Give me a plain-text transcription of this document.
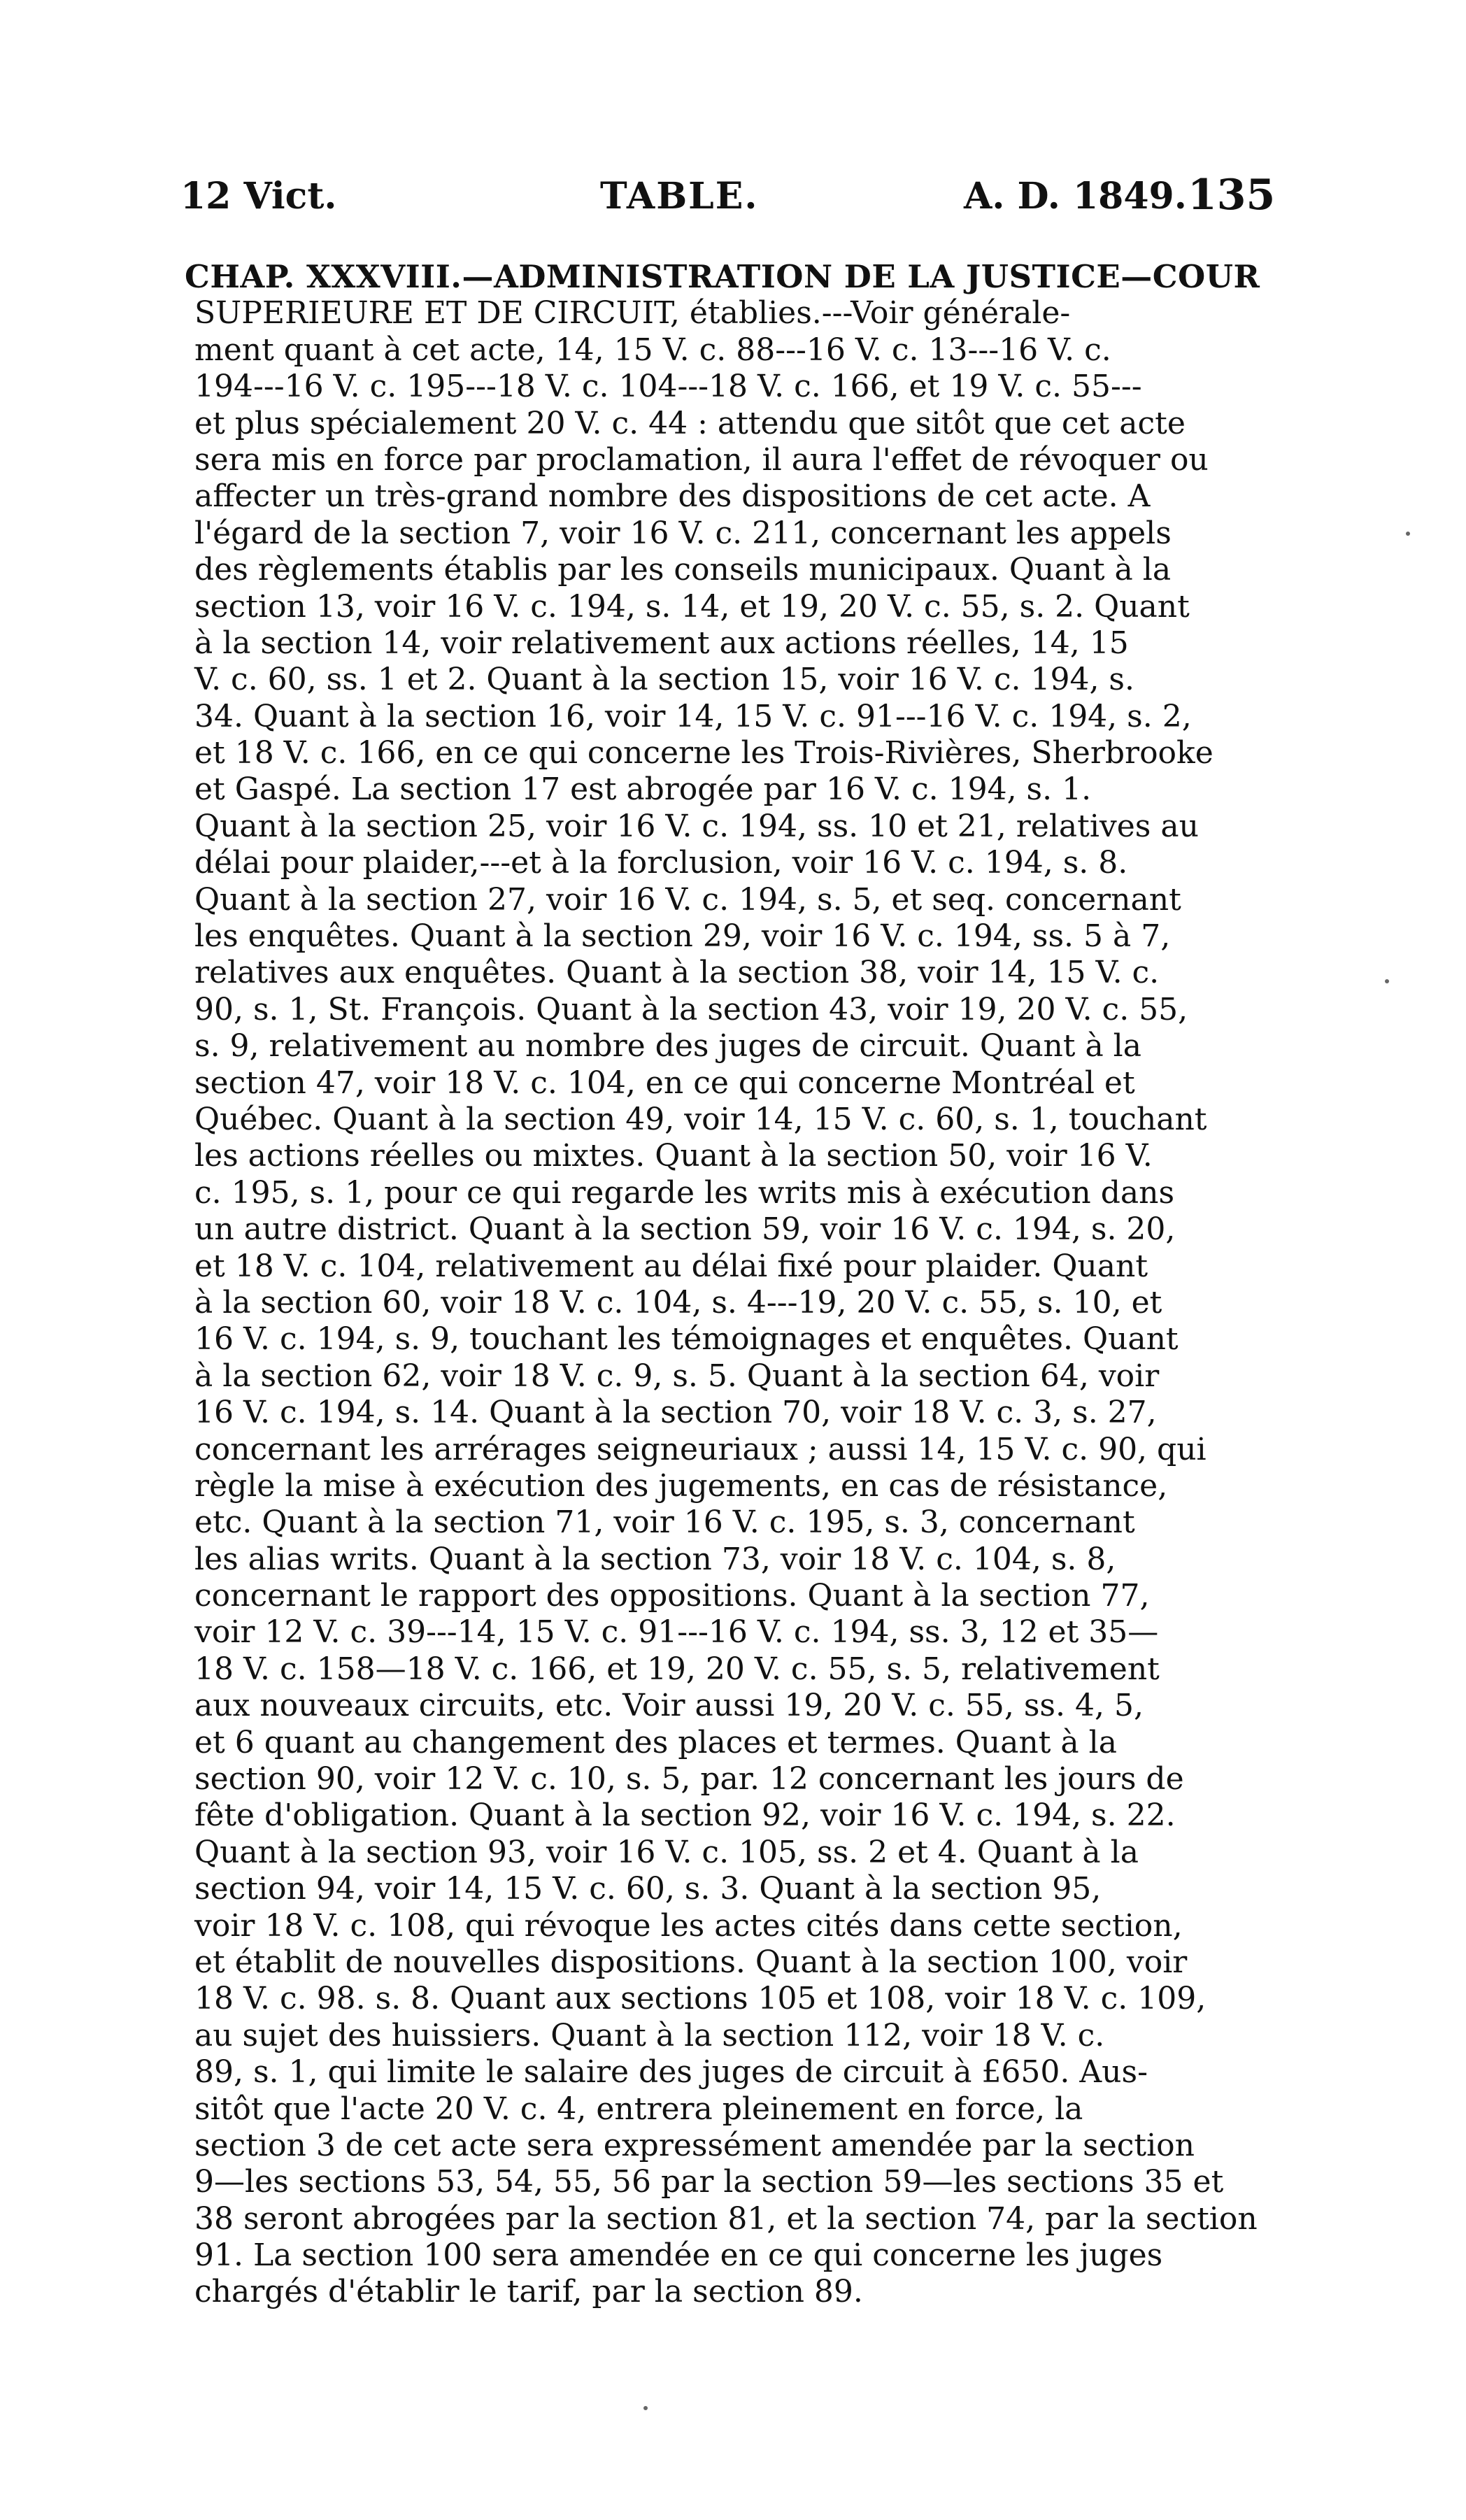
12 Vict.	TABLE.	A. D. 1849. 135
CHAP. XXXVIII.—ADMINISTRATION DE LA JUSTICE—COUR
SUPERIEURE ET DE CIRCUIT, établies.---Voir générale-
ment quant à cet acte, 14, 15 V. c. 88---16 V. c. 13---16 V. c.
194---16 V. c. 195---18 V. c. 104---18 V. c. 166, et 19 V. c. 55---
et plus spécialement 20 V. c. 44 : attendu que sitôt que cet acte
sera mis en force par proclamation, il aura l'effet de révoquer ou
affecter un très-grand nombre des dispositions de cet acte. A
l'égard de la section 7, voir 16 V. c. 211, concernant les appels
des règlements établis par les conseils municipaux. Quant à la
section 13, voir 16 V. c. 194, s. 14, et 19, 20 V. c. 55, s. 2. Quant
à la section 14, voir relativement aux actions réelles, 14, 15
V. c. 60, ss. 1 et 2. Quant à la section 15, voir 16 V. c. 194, s.
34. Quant à la section 16, voir 14, 15 V. c. 91---16 V. c. 194, s. 2,
et 18 V. c. 166, en ce qui concerne les Trois-Rivières, Sherbrooke
et Gaspé. La section 17 est abrogée par 16 V. c. 194, s. 1.
Quant à la section 25, voir 16 V. c. 194, ss. 10 et 21, relatives au
délai pour plaider,---et à la forclusion, voir 16 V. c. 194, s. 8.
Quant à la section 27, voir 16 V. c. 194, s. 5, et seq. concernant
les enquêtes. Quant à la section 29, voir 16 V. c. 194, ss. 5 à 7,
relatives aux enquêtes. Quant à la section 38, voir 14, 15 V. c.
90, s. 1, St. François. Quant à la section 43, voir 19, 20 V. c. 55,
s. 9, relativement au nombre des juges de circuit. Quant à la
section 47, voir 18 V. c. 104, en ce qui concerne Montréal et
Québec. Quant à la section 49, voir 14, 15 V. c. 60, s. 1, touchant
les actions réelles ou mixtes. Quant à la section 50, voir 16 V.
c. 195, s. 1, pour ce qui regarde les writs mis à exécution dans
un autre district. Quant à la section 59, voir 16 V. c. 194, s. 20,
et 18 V. c. 104, relativement au délai fixé pour plaider. Quant
à la section 60, voir 18 V. c. 104, s. 4---19, 20 V. c. 55, s. 10, et
16 V. c. 194, s. 9, touchant les témoignages et enquêtes. Quant
à la section 62, voir 18 V. c. 9, s. 5. Quant à la section 64, voir
16 V. c. 194, s. 14. Quant à la section 70, voir 18 V. c. 3, s. 27,
concernant les arrérages seigneuriaux ; aussi 14, 15 V. c. 90, qui
règle la mise à exécution des jugements, en cas de résistance,
etc. Quant à la section 71, voir 16 V. c. 195, s. 3, concernant
les alias writs. Quant à la section 73, voir 18 V. c. 104, s. 8,
concernant le rapport des oppositions. Quant à la section 77,
voir 12 V. c. 39---14, 15 V. c. 91---16 V. c. 194, ss. 3, 12 et 35—
18 V. c. 158—18 V. c. 166, et 19, 20 V. c. 55, s. 5, relativement
aux nouveaux circuits, etc. Voir aussi 19, 20 V. c. 55, ss. 4, 5,
et 6 quant au changement des places et termes. Quant à la
section 90, voir 12 V. c. 10, s. 5, par. 12 concernant les jours de
fête d'obligation. Quant à la section 92, voir 16 V. c. 194, s. 22.
Quant à la section 93, voir 16 V. c. 105, ss. 2 et 4. Quant à la
section 94, voir 14, 15 V. c. 60, s. 3. Quant à la section 95,
voir 18 V. c. 108, qui révoque les actes cités dans cette section,
et établit de nouvelles dispositions. Quant à la section 100, voir
18 V. c. 98. s. 8. Quant aux sections 105 et 108, voir 18 V. c. 109,
au sujet des huissiers. Quant à la section 112, voir 18 V. c.
89, s. 1, qui limite le salaire des juges de circuit à £650. Aus-
sitôt que l'acte 20 V. c. 4, entrera pleinement en force, la
section 3 de cet acte sera expressément amendée par la section
9—les sections 53, 54, 55, 56 par la section 59—les sections 35 et
38 seront abrogées par la section 81, et la section 74, par la section
91. La section 100 sera amendée en ce qui concerne les juges
chargés d'établir le tarif, par la section 89.
